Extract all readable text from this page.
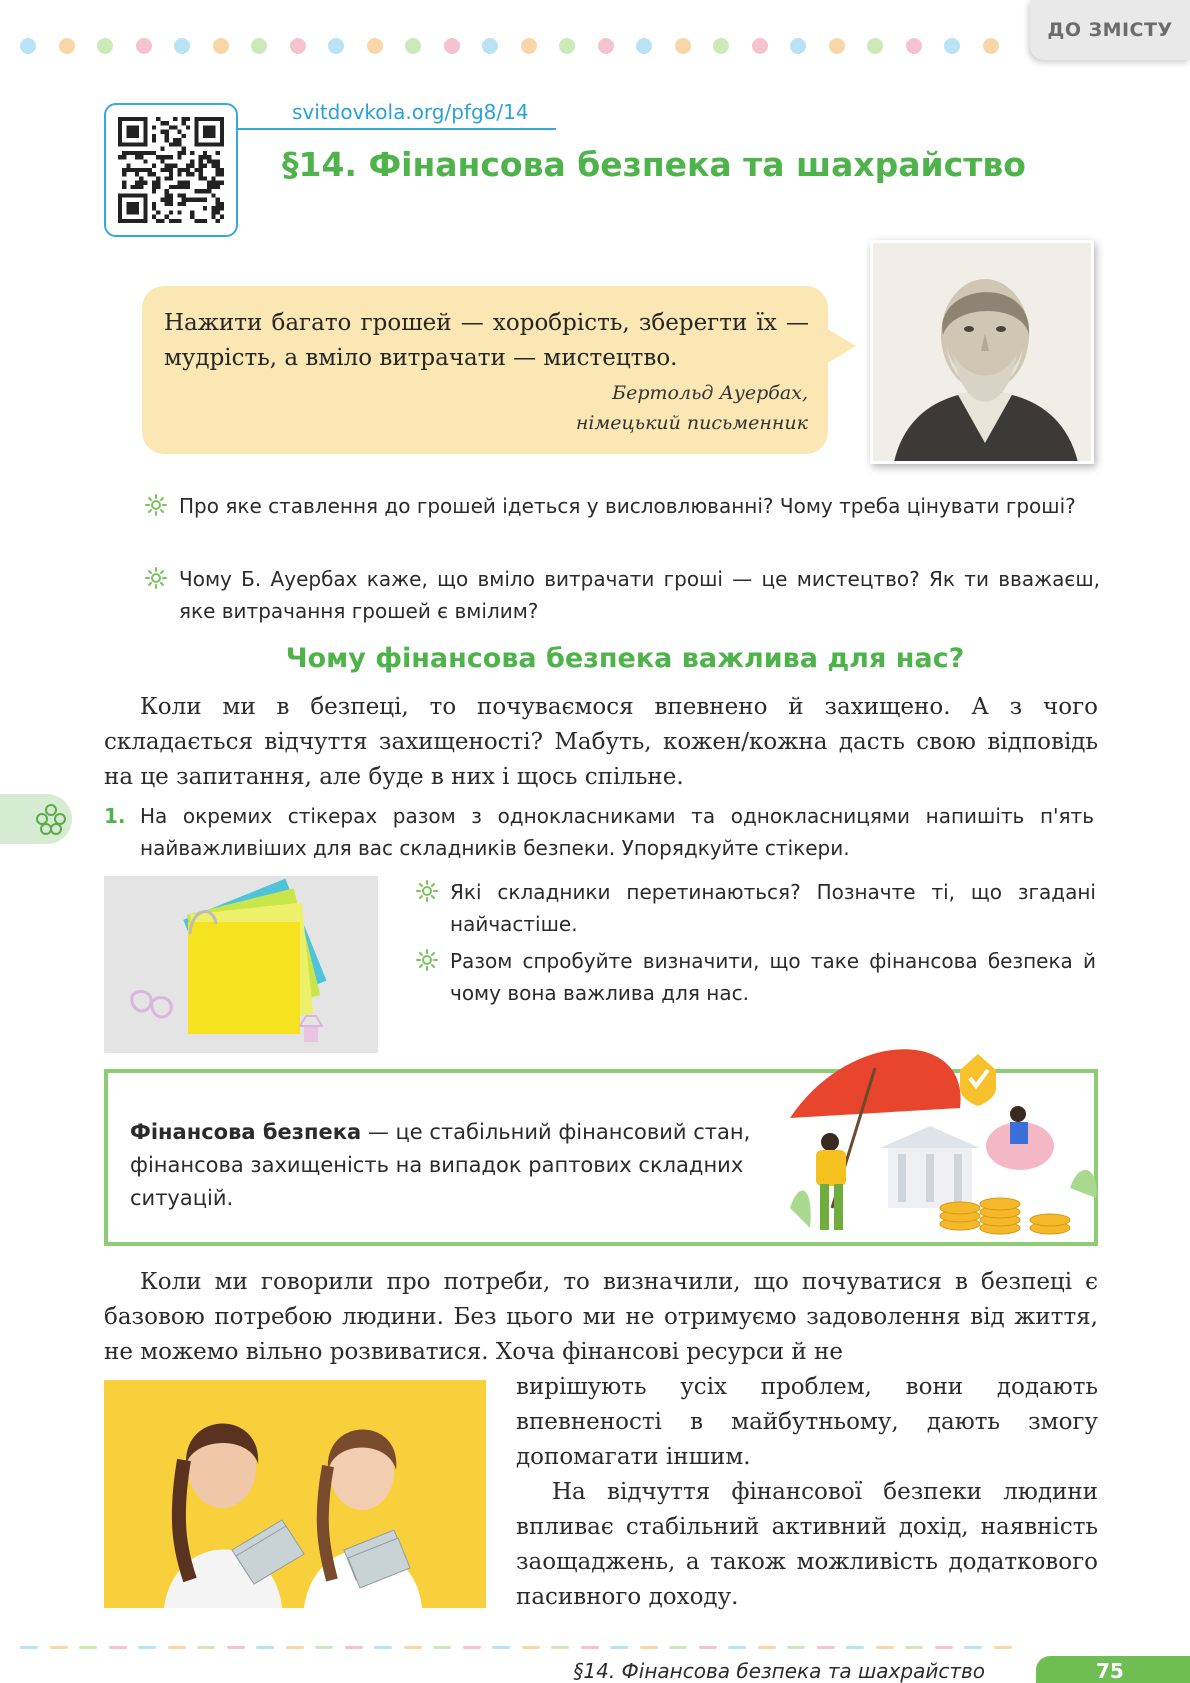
ДО ЗМІСТУ
svitdovkola.org/pfg8/14
§14. Фінансова безпека та шахрайство
Нажити багато грошей — хоробрість, зберегти їх — мудрість, а вміло витрачати — мистецтво.
Бертольд Ауербах,
німецький письменник
Про яке ставлення до грошей ідеться у висловлюванні? Чому треба цінувати гроші?
Чому Б. Ауербах каже, що вміло витрачати гроші — це мистецтво? Як ти вважаєш, яке витрачання грошей є вмілим?
Чому фінансова безпека важлива для нас?
Коли ми в безпеці, то почуваємося впевнено й захищено. А з чого складається відчуття захищеності? Мабуть, кожен/кожна дасть свою відповідь на це запитання, але буде в них і щось спільне.
1. На окремих стікерах разом з однокласниками та однокласницями напишіть п'ять найважливіших для вас складників безпеки. Упорядкуйте стікери.
Які складники перетинаються? Позначте ті, що згадані найчастіше.
Разом спробуйте визначити, що таке фінансова безпека й чому вона важлива для нас.
Фінансова безпека — це стабільний фінансовий стан, фінансова захищеність на випадок раптових складних ситуацій.
Коли ми говорили про потреби, то визначили, що почуватися в безпеці є базовою потребою людини. Без цього ми не отримуємо задоволення від життя, не можемо вільно розвиватися. Хоча фінансові ресурси й не
вирішують усіх проблем, вони додають впевненості в майбутньому, дають змогу допомагати іншим.
На відчуття фінансової безпеки людини впливає стабільний активний дохід, наявність заощаджень, а також можливість додаткового пасивного доходу.
§14. Фінансова безпека та шахрайство	75
